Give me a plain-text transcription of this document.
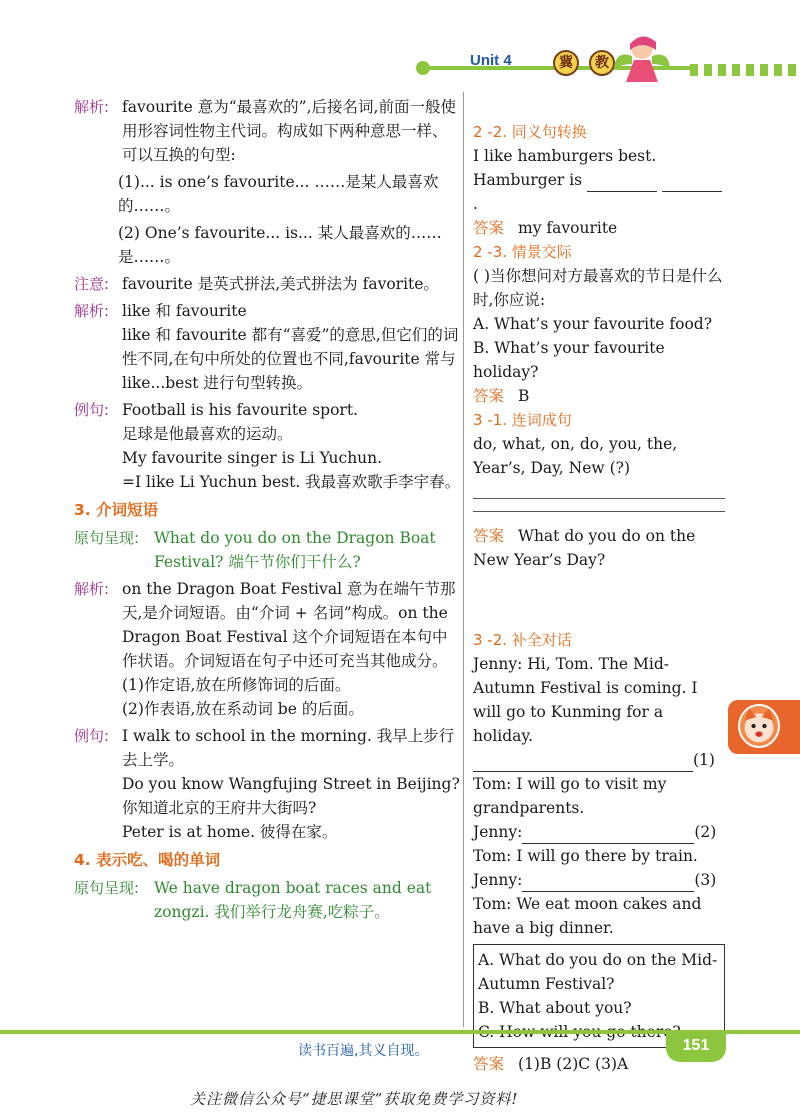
Unit 4	冀	教
解析: favourite 意为“最喜欢的”,后接名词,前面一般使用形容词性物主代词。构成如下两种意思一样、可以互换的句型:
(1)... is one’s favourite... ……是某人最喜欢的……。
(2) One’s favourite... is... 某人最喜欢的……是……。
注意: favourite 是英式拼法,美式拼法为 favorite。
解析: like 和 favourite
like 和 favourite 都有“喜爱”的意思,但它们的词性不同,在句中所处的位置也不同,favourite 常与 like...best 进行句型转换。
例句: Football is his favourite sport.
足球是他最喜欢的运动。
My favourite singer is Li Yuchun.
=I like Li Yuchun best. 我最喜欢歌手李宇春。
3. 介词短语
原句呈现: What do you do on the Dragon Boat Festival? 端午节你们干什么?
解析: on the Dragon Boat Festival 意为在端午节那天,是介词短语。由“介词 + 名词”构成。on the Dragon Boat Festival 这个介词短语在本句中作状语。介词短语在句子中还可充当其他成分。
(1)作定语,放在所修饰词的后面。
(2)作表语,放在系动词 be 的后面。
例句: I walk to school in the morning. 我早上步行去上学。
Do you know Wangfujing Street in Beijing? 你知道北京的王府井大街吗?
Peter is at home. 彼得在家。
4. 表示吃、喝的单词
原句呈现: We have dragon boat races and eat zongzi. 我们举行龙舟赛,吃粽子。
2 -2. 同义句转换
I like hamburgers best.
Hamburger is  .
答案 my favourite
2 -3. 情景交际
( )当你想问对方最喜欢的节日是什么时,你应说:
A. What’s your favourite food?
B. What’s your favourite holiday?
答案 B
3 -1. 连词成句
do, what, on, do, you, the, Year’s, Day, New (?)
答案 What do you do on the New Year’s Day?
3 -2. 补全对话
Jenny: Hi, Tom. The Mid-Autumn Festival is coming. I will go to Kunming for a holiday.
(1)
Tom: I will go to visit my grandparents.
Jenny:	(2)
Tom: I will go there by train.
Jenny:	(3)
Tom: We eat moon cakes and have a big dinner.
A. What do you do on the Mid-Autumn Festival?
B. What about you?
答案 (1)B (2)C (3)A
读书百遍,其义自现。	151
关注微信公众号“捷思课堂”获取免费学习资料!
